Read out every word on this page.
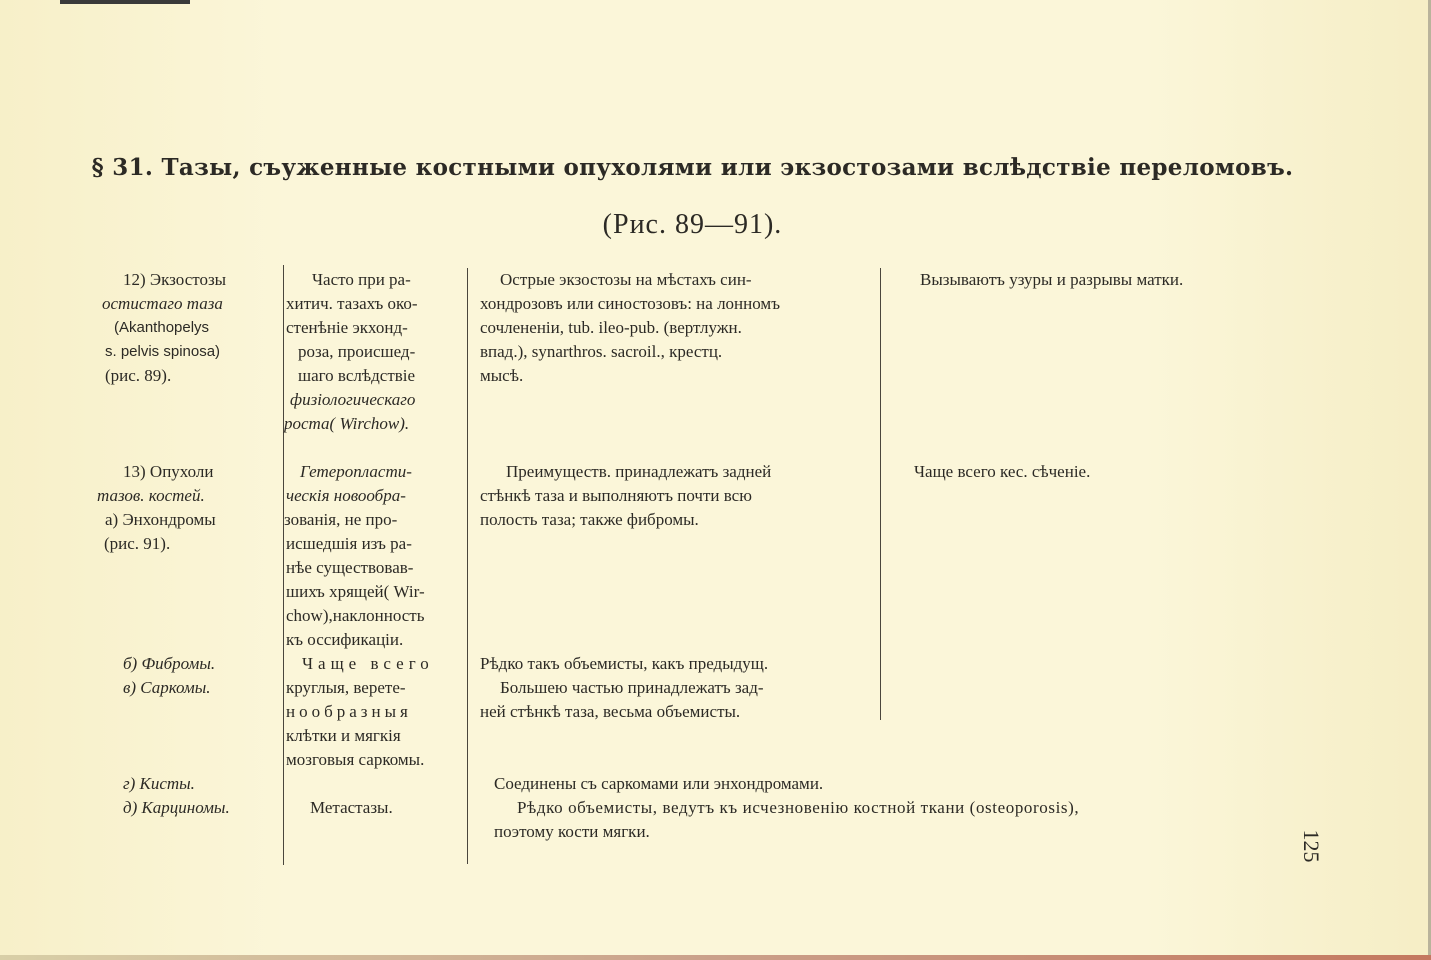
§ 31. Тазы, съуженные костными опухолями или экзостозами вслѣдствіе переломовъ.
(Рис. 89—91).
12) Экзостозы
остистаго таза
(Akanthopelys
s. pelvis spinosa)
(рис. 89).
Часто при ра-
хитич. тазахъ око-
стенѣніе экхонд-
роза, происшед-
шаго вслѣдствіе
физіологическаго
роста( Wirchow).
Острые экзостозы на мѣстахъ син-
хондрозовъ или синостозовъ: на лонномъ
сочлененіи, tub. ileo-pub. (вертлужн.
впад.), synarthros. sacroil., крестц.
мысѣ.
Вызываютъ узуры и разрывы матки.
13) Опухоли
тазов. костей.
a) Энхондромы
(рис. 91).
Гетеропласти-
ческія новообра-
зованія, не про-
исшедшія изъ ра-
нѣе существовав-
шихъ хрящей( Wir-
chow),наклонность
къ оссификаціи.
Преимуществ. принадлежатъ задней
стѣнкѣ таза и выполняютъ почти всю
полость таза; также фибромы.
Чаще всего кес. сѣченіе.
б) Фибромы.
в) Саркомы.
Чаще всего
круглыя, верете-
нообразныя
клѣтки и мягкія
мозговыя саркомы.
Рѣдко такъ объемисты, какъ предыдущ.
Большею частью принадлежатъ зад-
ней стѣнкѣ таза, весьма объемисты.
г) Кисты.
д) Карциномы.	Метастазы.
Соединены съ саркомами или энхондромами.
Рѣдко объемисты, ведутъ къ исчезновенію костной ткани (osteoporosis),
поэтому кости мягки.	125
